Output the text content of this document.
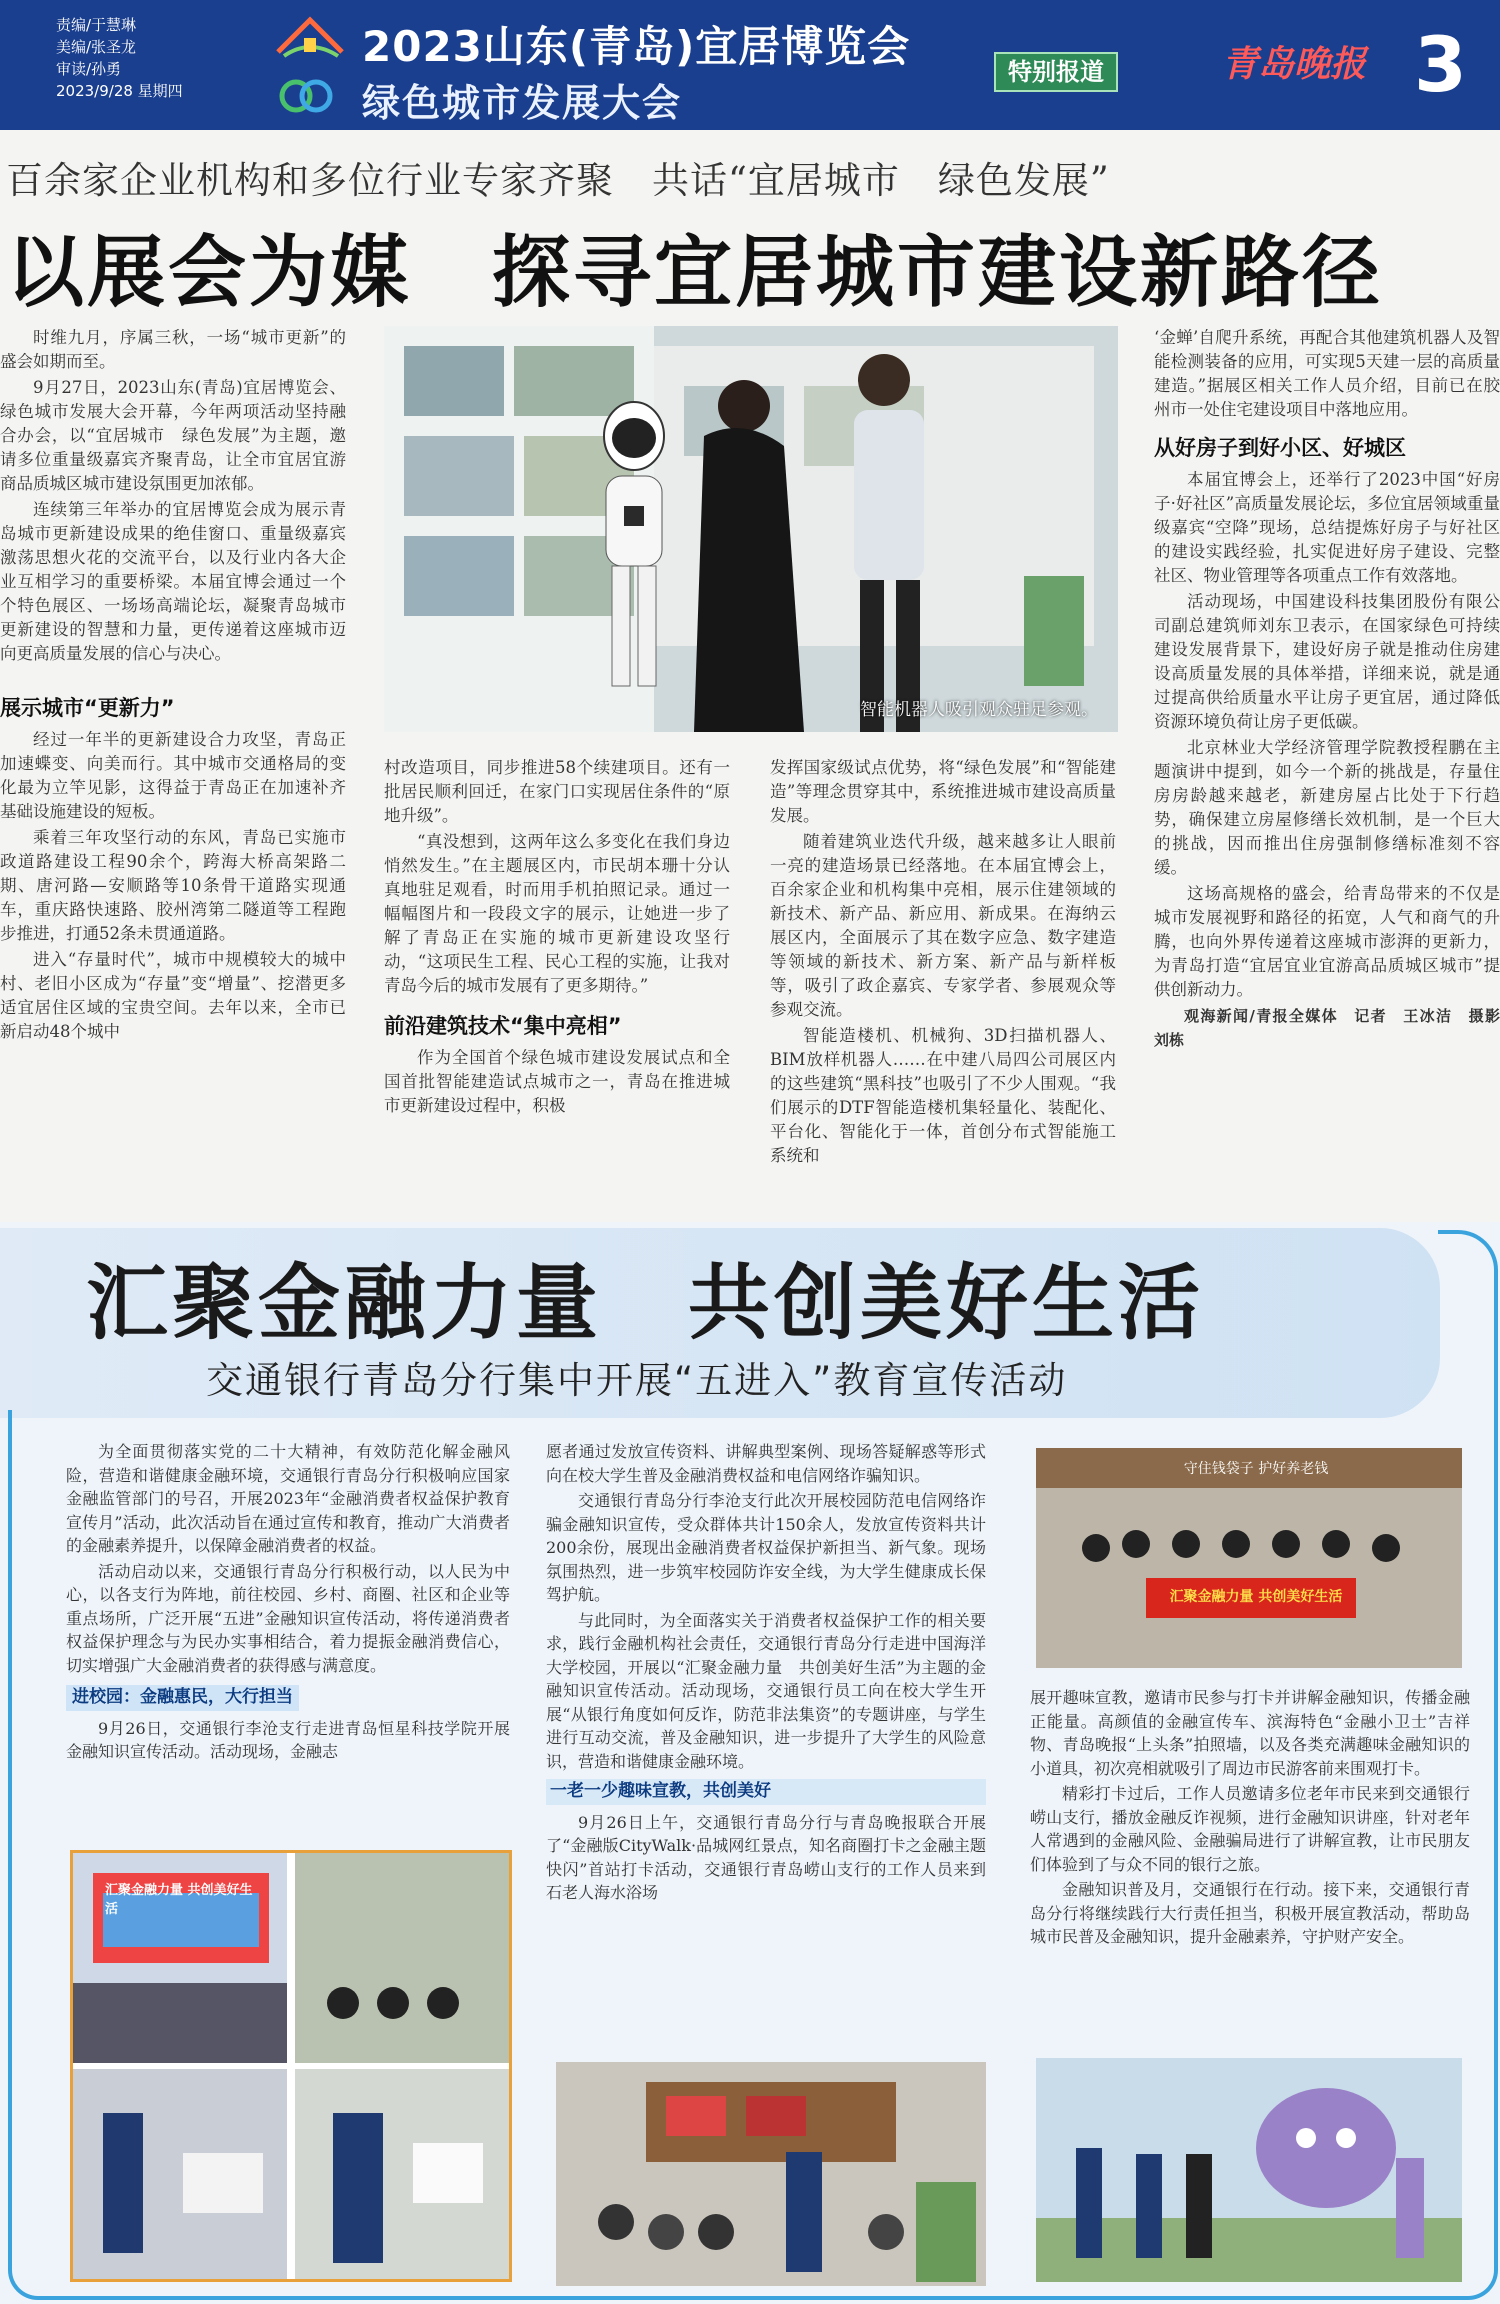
责编/于慧琳
美编/张圣龙
审读/孙勇
2023/9/28 星期四
2023山东(青岛)宜居博览会
绿色城市发展大会
特别报道	青岛晚报 3
百余家企业机构和多位行业专家齐聚　共话“宜居城市　绿色发展”
以展会为媒　探寻宜居城市建设新路径

时维九月，序属三秋，一场“城市更新”的盛会如期而至。

9月27日，2023山东(青岛)宜居博览会、绿色城市发展大会开幕，今年两项活动坚持融合办会，以“宜居城市　绿色发展”为主题，邀请多位重量级嘉宾齐聚青岛，让全市宜居宜游商品质城区城市建设氛围更加浓郁。

连续第三年举办的宜居博览会成为展示青岛城市更新建设成果的绝佳窗口、重量级嘉宾激荡思想火花的交流平台，以及行业内各大企业互相学习的重要桥梁。本届宜博会通过一个个特色展区、一场场高端论坛，凝聚青岛城市更新建设的智慧和力量，更传递着这座城市迈向更高质量发展的信心与决心。

展示城市“更新力”

经过一年半的更新建设合力攻坚，青岛正加速蝶变、向美而行。其中城市交通格局的变化最为立竿见影，这得益于青岛正在加速补齐基础设施建设的短板。

乘着三年攻坚行动的东风，青岛已实施市政道路建设工程90余个，跨海大桥高架路二期、唐河路—安顺路等10条骨干道路实现通车，重庆路快速路、胶州湾第二隧道等工程跑步推进，打通52条未贯通道路。

进入“存量时代”，城市中规模较大的城中村、老旧小区成为“存量”变“增量”、挖潜更多适宜居住区域的宝贵空间。去年以来，全市已新启动48个城中

智能机器人吸引观众驻足参观。

村改造项目，同步推进58个续建项目。还有一批居民顺利回迁，在家门口实现居住条件的“原地升级”。

“真没想到，这两年这么多变化在我们身边悄然发生。”在主题展区内，市民胡本珊十分认真地驻足观看，时而用手机拍照记录。通过一幅幅图片和一段段文字的展示，让她进一步了解了青岛正在实施的城市更新建设攻坚行动，“这项民生工程、民心工程的实施，让我对青岛今后的城市发展有了更多期待。”

前沿建筑技术“集中亮相”

作为全国首个绿色城市建设发展试点和全国首批智能建造试点城市之一，青岛在推进城市更新建设过程中，积极

发挥国家级试点优势，将“绿色发展”和“智能建造”等理念贯穿其中，系统推进城市建设高质量发展。

随着建筑业迭代升级，越来越多让人眼前一亮的建造场景已经落地。在本届宜博会上，百余家企业和机构集中亮相，展示住建领域的新技术、新产品、新应用、新成果。在海纳云展区内，全面展示了其在数字应急、数字建造等领域的新技术、新方案、新产品与新样板等，吸引了政企嘉宾、专家学者、参展观众等参观交流。

智能造楼机、机械狗、3D扫描机器人、BIM放样机器人……在中建八局四公司展区内的这些建筑“黑科技”也吸引了不少人围观。“我们展示的DTF智能造楼机集轻量化、装配化、平台化、智能化于一体，首创分布式智能施工系统和

‘金蝉’自爬升系统，再配合其他建筑机器人及智能检测装备的应用，可实现5天建一层的高质量建造。”据展区相关工作人员介绍，目前已在胶州市一处住宅建设项目中落地应用。

从好房子到好小区、好城区

本届宜博会上，还举行了2023中国“好房子·好社区”高质量发展论坛，多位宜居领域重量级嘉宾“空降”现场，总结提炼好房子与好社区的建设实践经验，扎实促进好房子建设、完整社区、物业管理等各项重点工作有效落地。

活动现场，中国建设科技集团股份有限公司副总建筑师刘东卫表示，在国家绿色可持续建设发展背景下，建设好房子就是推动住房建设高质量发展的具体举措，详细来说，就是通过提高供给质量水平让房子更宜居，通过降低资源环境负荷让房子更低碳。

北京林业大学经济管理学院教授程鹏在主题演讲中提到，如今一个新的挑战是，存量住房房龄越来越老，新建房屋占比处于下行趋势，确保建立房屋修缮长效机制，是一个巨大的挑战，因而推出住房强制修缮标准刻不容缓。

这场高规格的盛会，给青岛带来的不仅是城市发展视野和路径的拓宽，人气和商气的升腾，也向外界传递着这座城市澎湃的更新力，为青岛打造“宜居宜业宜游高品质城区城市”提供创新动力。

观海新闻/青报全媒体　记者　王冰洁　摄影　刘栋

汇聚金融力量　共创美好生活
交通银行青岛分行集中开展“五进入”教育宣传活动

为全面贯彻落实党的二十大精神，有效防范化解金融风险，营造和谐健康金融环境，交通银行青岛分行积极响应国家金融监管部门的号召，开展2023年“金融消费者权益保护教育宣传月”活动，此次活动旨在通过宣传和教育，推动广大消费者的金融素养提升，以保障金融消费者的权益。

活动启动以来，交通银行青岛分行积极行动，以人民为中心，以各支行为阵地，前往校园、乡村、商圈、社区和企业等重点场所，广泛开展“五进”金融知识宣传活动，将传递消费者权益保护理念与为民办实事相结合，着力提振金融消费信心，切实增强广大金融消费者的获得感与满意度。

进校园：金融惠民，大行担当

9月26日，交通银行李沧支行走进青岛恒星科技学院开展金融知识宣传活动。活动现场，金融志

汇聚金融力量 共创美好生活

愿者通过发放宣传资料、讲解典型案例、现场答疑解惑等形式向在校大学生普及金融消费权益和电信网络诈骗知识。

交通银行青岛分行李沧支行此次开展校园防范电信网络诈骗金融知识宣传，受众群体共计150余人，发放宣传资料共计200余份，展现出金融消费者权益保护新担当、新气象。现场氛围热烈，进一步筑牢校园防诈安全线，为大学生健康成长保驾护航。

与此同时，为全面落实关于消费者权益保护工作的相关要求，践行金融机构社会责任，交通银行青岛分行走进中国海洋大学校园，开展以“汇聚金融力量　共创美好生活”为主题的金融知识宣传活动。活动现场，交通银行员工向在校大学生开展“从银行角度如何反诈，防范非法集资”的专题讲座，与学生进行互动交流，普及金融知识，进一步提升了大学生的风险意识，营造和谐健康金融环境。

一老一少趣味宣教，共创美好

9月26日上午，交通银行青岛分行与青岛晚报联合开展了“金融版CityWalk·品城网红景点，知名商圈打卡之金融主题快闪”首站打卡活动，交通银行青岛崂山支行的工作人员来到石老人海水浴场

汇聚金融力量 共创美好生活
守住钱袋子 护好养老钱

展开趣味宣教，邀请市民参与打卡并讲解金融知识，传播金融正能量。高颜值的金融宣传车、滨海特色“金融小卫士”吉祥物、青岛晚报“上头条”拍照墙，以及各类充满趣味金融知识的小道具，初次亮相就吸引了周边市民游客前来围观打卡。

精彩打卡过后，工作人员邀请多位老年市民来到交通银行崂山支行，播放金融反诈视频，进行金融知识讲座，针对老年人常遇到的金融风险、金融骗局进行了讲解宣教，让市民朋友们体验到了与众不同的银行之旅。

金融知识普及月，交通银行在行动。接下来，交通银行青岛分行将继续践行大行责任担当，积极开展宣教活动，帮助岛城市民普及金融知识，提升金融素养，守护财产安全。
